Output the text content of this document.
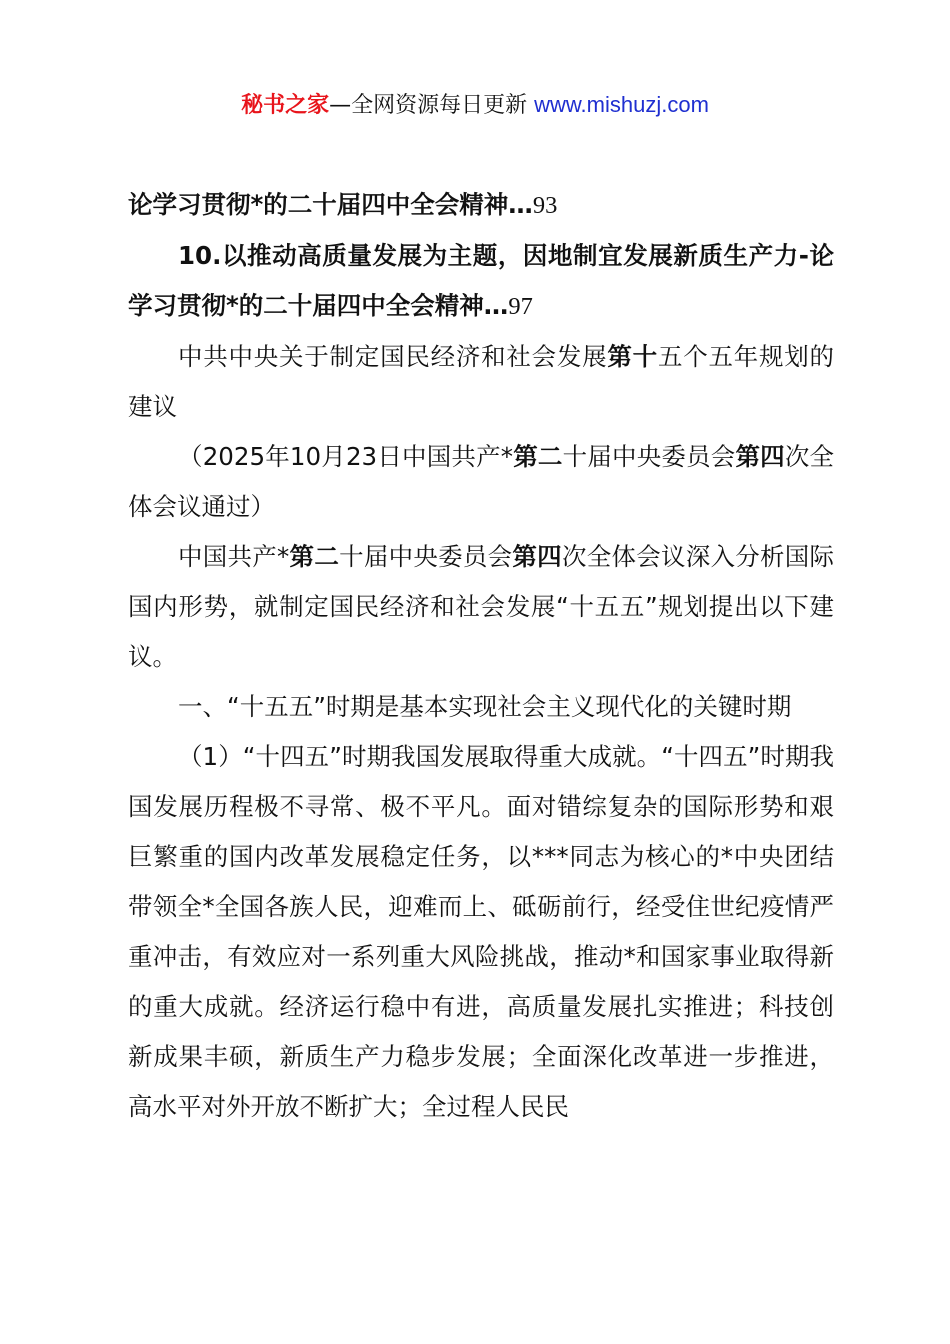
秘书之家—全网资源每日更新 www.mishuzj.com

论学习贯彻*的二十届四中全会精神…93

10.以推动高质量发展为主题，因地制宜发展新质生产力-论学习贯彻*的二十届四中全会精神…97

中共中央关于制定国民经济和社会发展第十五个五年规划的建议

（2025年10月23日中国共产*第二十届中央委员会第四次全体会议通过）

中国共产*第二十届中央委员会第四次全体会议深入分析国际国内形势，就制定国民经济和社会发展“十五五”规划提出以下建议。

一、“十五五”时期是基本实现社会主义现代化的关键时期

（1）“十四五”时期我国发展取得重大成就。“十四五”时期我国发展历程极不寻常、极不平凡。面对错综复杂的国际形势和艰巨繁重的国内改革发展稳定任务，以***同志为核心的*中央团结带领全*全国各族人民，迎难而上、砥砺前行，经受住世纪疫情严重冲击，有效应对一系列重大风险挑战，推动*和国家事业取得新的重大成就。经济运行稳中有进，高质量发展扎实推进；科技创新成果丰硕，新质生产力稳步发展；全面深化改革进一步推进，高水平对外开放不断扩大；全过程人民民
